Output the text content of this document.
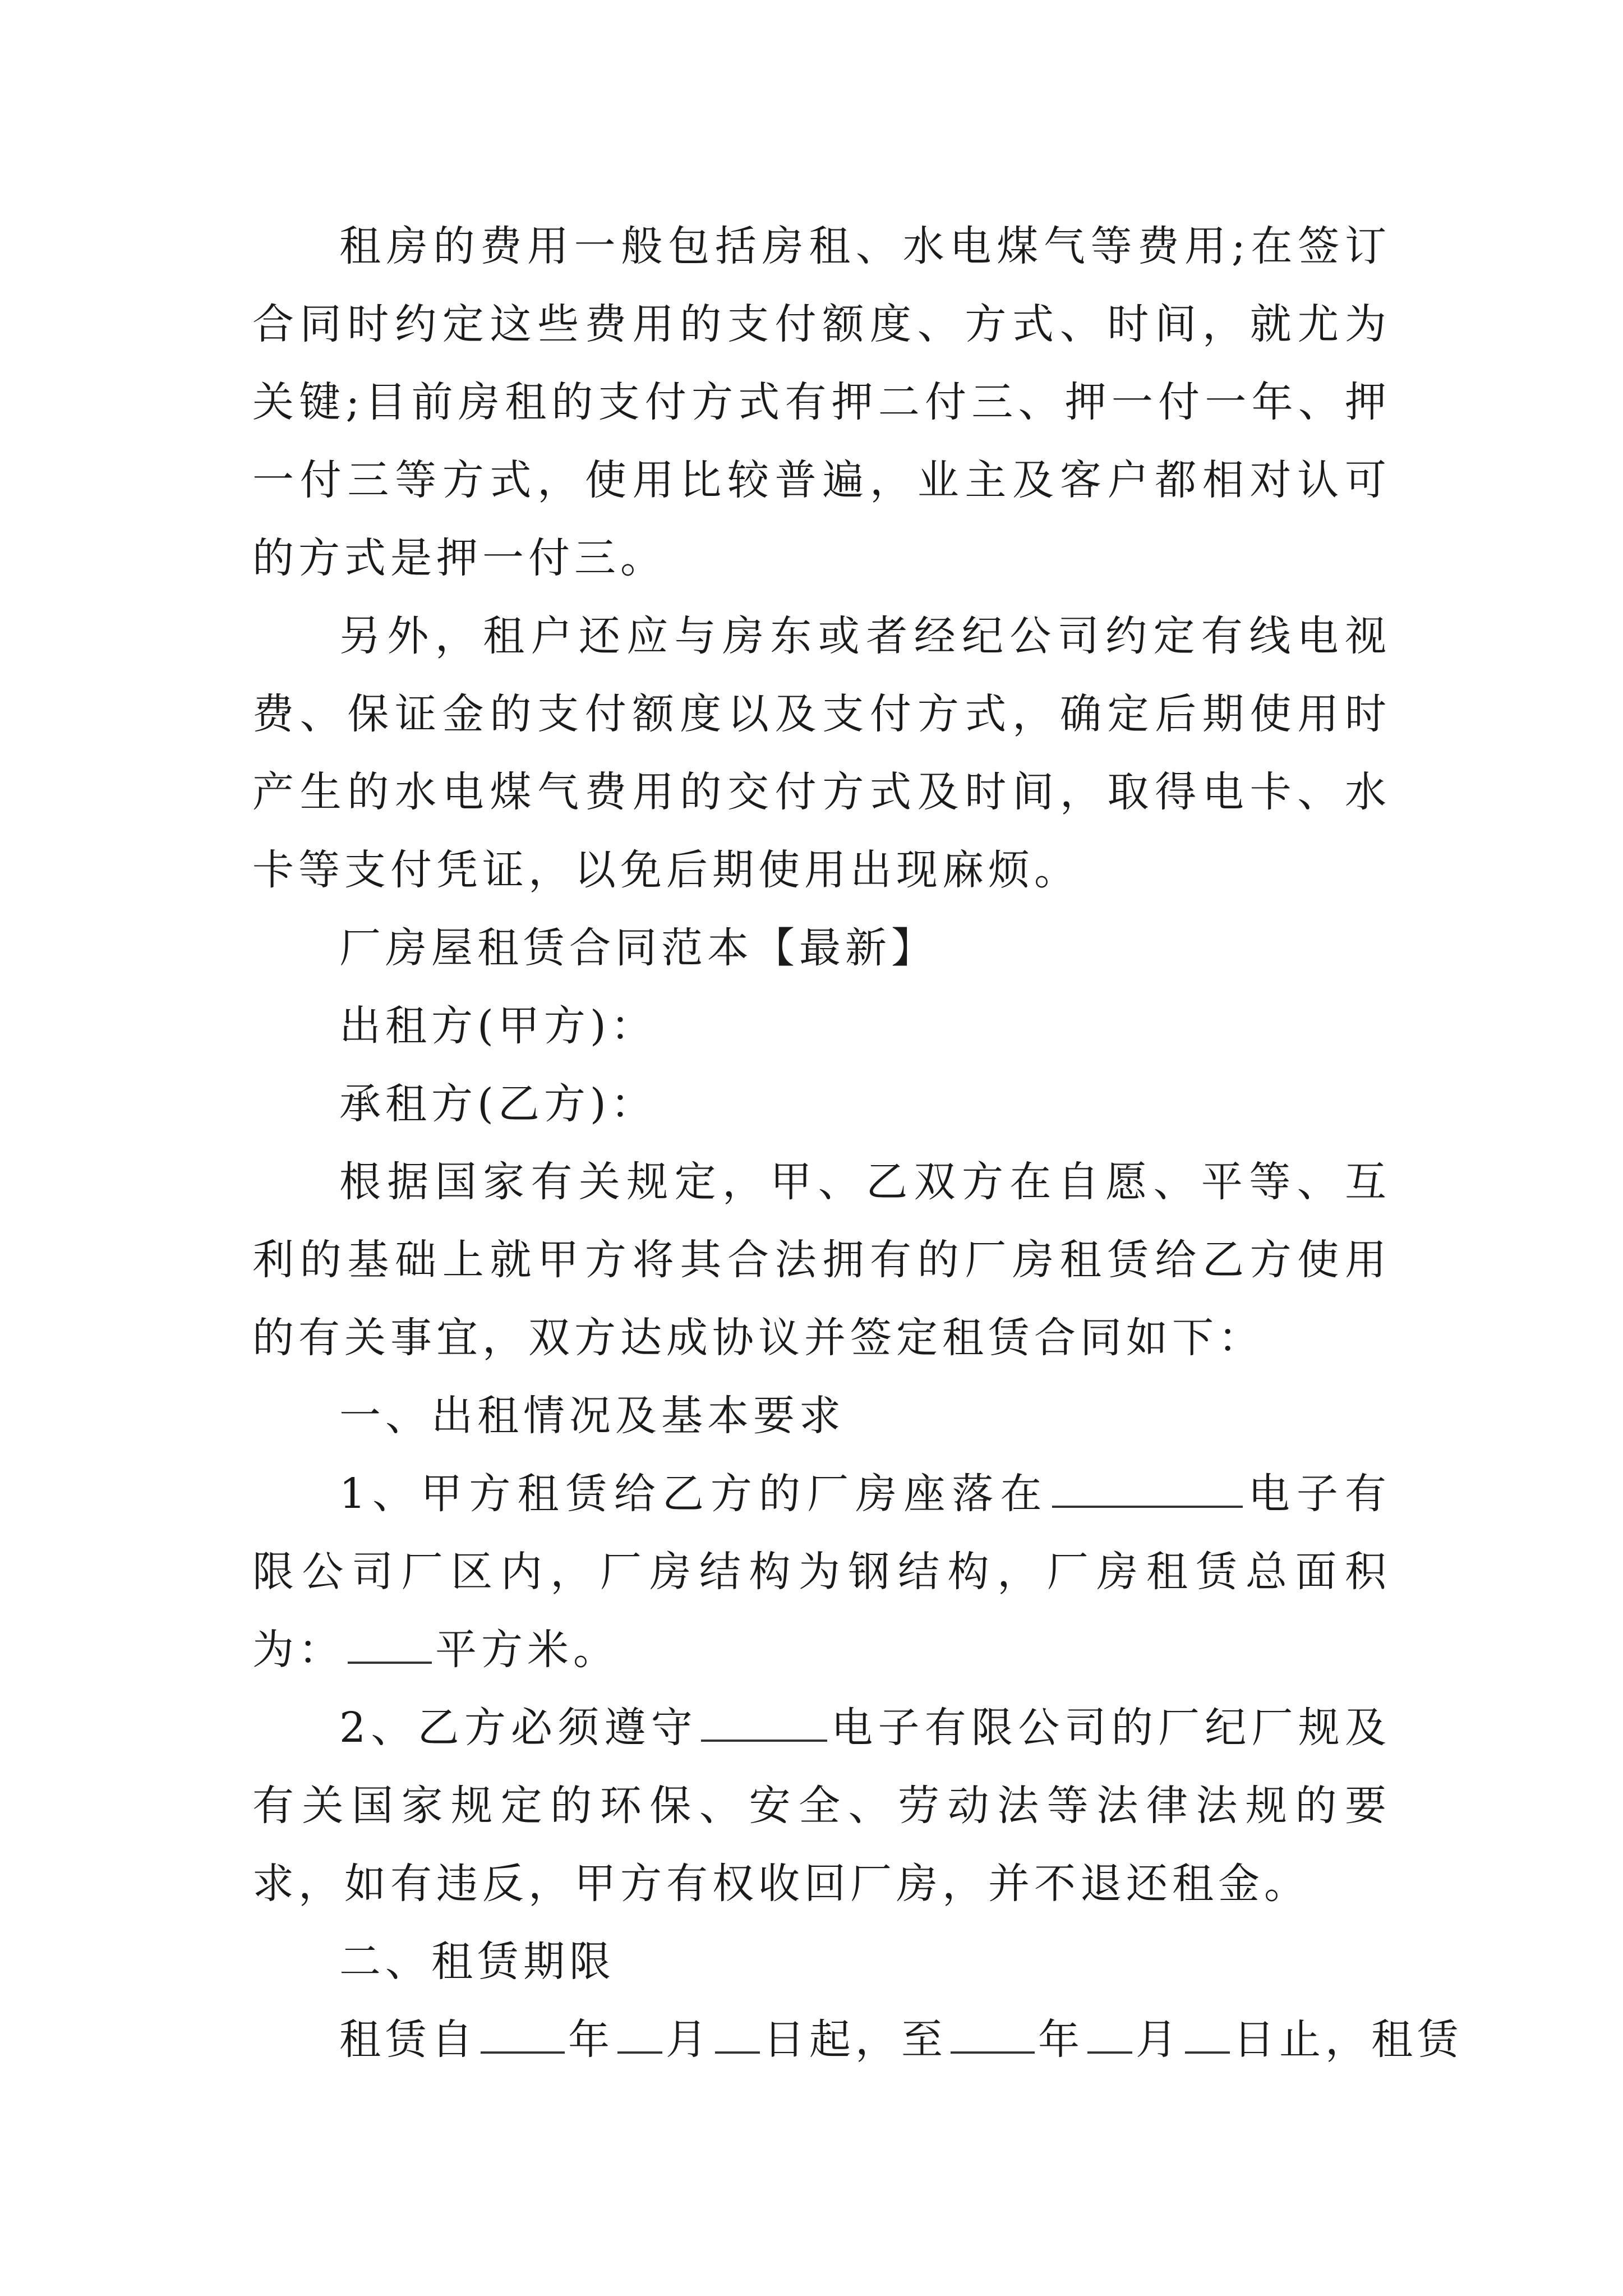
租房的费用一般包括房租、水电煤气等费用;在签订合同时约定这些费用的支付额度、方式、时间，就尤为关键;目前房租的支付方式有押二付三、押一付一年、押一付三等方式，使用比较普遍，业主及客户都相对认可的方式是押一付三。

另外，租户还应与房东或者经纪公司约定有线电视费、保证金的支付额度以及支付方式，确定后期使用时产生的水电煤气费用的交付方式及时间，取得电卡、水卡等支付凭证，以免后期使用出现麻烦。

厂房屋租赁合同范本【最新】

出租方(甲方)：

承租方(乙方)：

根据国家有关规定，甲、乙双方在自愿、平等、互利的基础上就甲方将其合法拥有的厂房租赁给乙方使用的有关事宜，双方达成协议并签定租赁合同如下：

一、出租情况及基本要求

1、甲方租赁给乙方的厂房座落在	电子有限公司厂区内，厂房结构为钢结构，厂房租赁总面积为： 平方米。

2、乙方必须遵守	电子有限公司的厂纪厂规及有关国家规定的环保、安全、劳动法等法律法规的要求，如有违反，甲方有权收回厂房，并不退还租金。

二、租赁期限

租赁自 年 月 日起，至 年 月 日止，租赁
